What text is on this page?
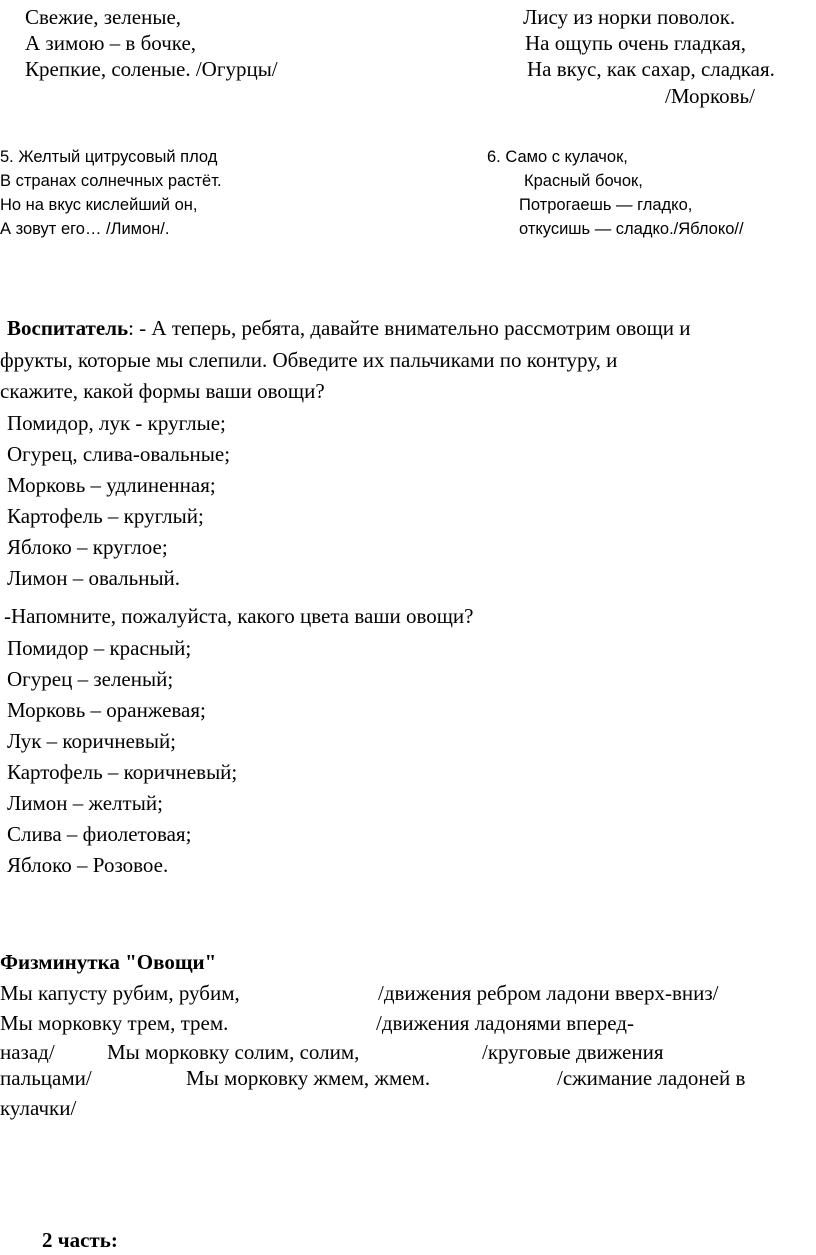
Свежие, зеленые,
А зимою – в бочке,
Крепкие, соленые. /Огурцы/
Лису из норки поволок.
На ощупь очень гладкая,
На вкус, как сахар, сладкая.
/Морковь/
5. Желтый цитрусовый плод
В странах солнечных растёт.
Но на вкус кислейший он,
А зовут его… /Лимон/.
6. Само с кулачок,
Красный бочок,
Потрогаешь — гладко,
откусишь — сладко./Яблоко//
Воспитатель: - А теперь, ребята, давайте внимательно рассмотрим овощи и
фрукты, которые мы слепили. Обведите их пальчиками по контуру, и
скажите, какой формы ваши овощи?
Помидор, лук - круглые;
Огурец, слива-овальные;
Морковь – удлиненная;
Картофель – круглый;
Яблоко – круглое;
Лимон – овальный.
-Напомните, пожалуйста, какого цвета ваши овощи?
Помидор – красный;
Огурец – зеленый;
Морковь – оранжевая;
Лук – коричневый;
Картофель – коричневый;
Лимон – желтый;
Слива – фиолетовая;
Яблоко – Розовое.
Физминутка "Овощи"
Мы капусту рубим, рубим,	/движения ребром ладони вверх-вниз/
Мы морковку трем, трем.	/движения ладонями вперед-
назад/ Мы морковку солим, солим,	/круговые движения
пальцами/	Мы морковку жмем, жмем.	/сжимание ладоней в
кулачки/
2 часть:
